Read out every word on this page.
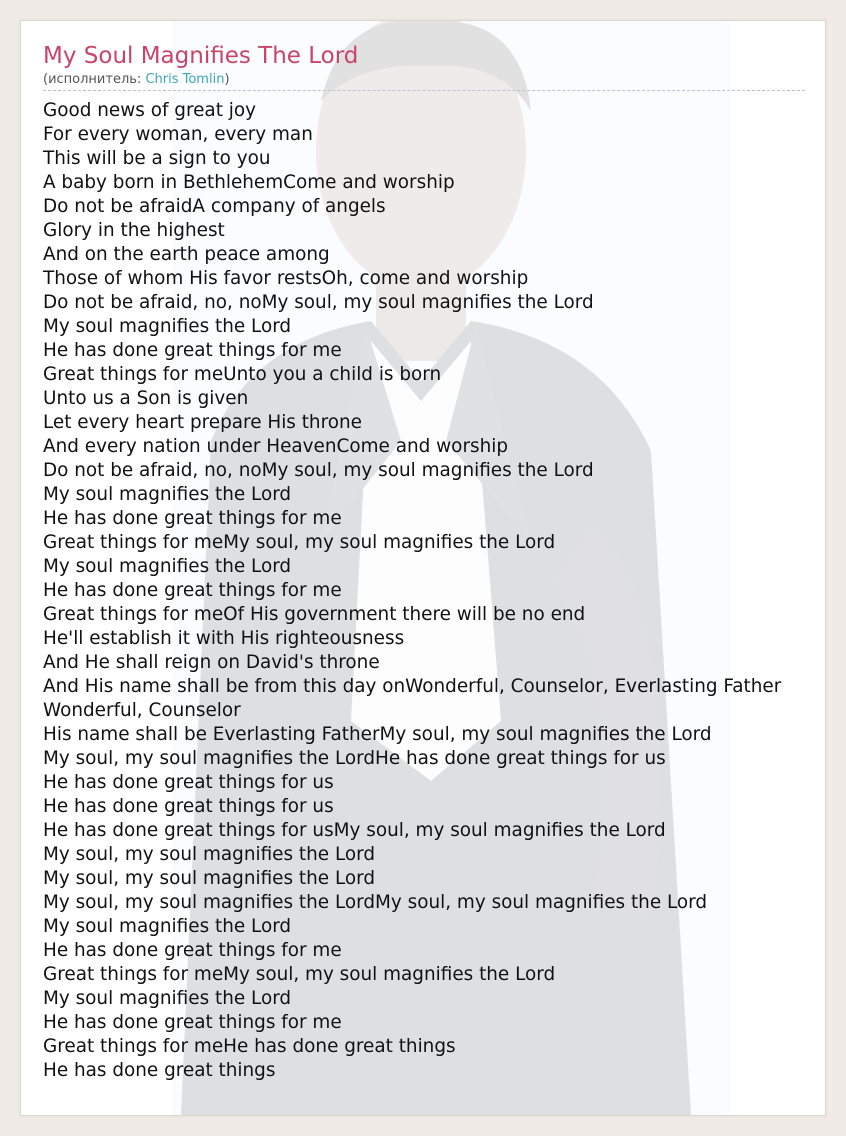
My Soul Magnifies The Lord
(исполнитель: Chris Tomlin)
Good news of great joy
For every woman, every man
This will be a sign to you
A baby born in BethlehemCome and worship
Do not be afraidA company of angels
Glory in the highest
And on the earth peace among
Those of whom His favor restsOh, come and worship
Do not be afraid, no, noMy soul, my soul magnifies the Lord
My soul magnifies the Lord
He has done great things for me
Great things for meUnto you a child is born
Unto us a Son is given
Let every heart prepare His throne
And every nation under HeavenCome and worship
Do not be afraid, no, noMy soul, my soul magnifies the Lord
My soul magnifies the Lord
He has done great things for me
Great things for meMy soul, my soul magnifies the Lord
My soul magnifies the Lord
He has done great things for me
Great things for meOf His government there will be no end
He'll establish it with His righteousness
And He shall reign on David's throne
And His name shall be from this day onWonderful, Counselor, Everlasting Father
Wonderful, Counselor
His name shall be Everlasting FatherMy soul, my soul magnifies the Lord
My soul, my soul magnifies the LordHe has done great things for us
He has done great things for us
He has done great things for us
He has done great things for usMy soul, my soul magnifies the Lord
My soul, my soul magnifies the Lord
My soul, my soul magnifies the Lord
My soul, my soul magnifies the LordMy soul, my soul magnifies the Lord
My soul magnifies the Lord
He has done great things for me
Great things for meMy soul, my soul magnifies the Lord
My soul magnifies the Lord
He has done great things for me
Great things for meHe has done great things
He has done great things
